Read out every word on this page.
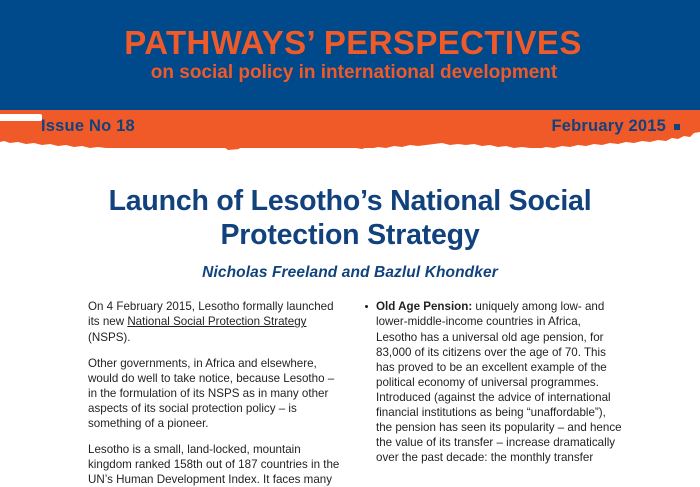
PATHWAYS’ PERSPECTIVES
on social policy in international development
Issue No 18	February 2015
Launch of Lesotho’s National Social Protection Strategy
Nicholas Freeland and Bazlul Khondker

On 4 February 2015, Lesotho formally launched its new National Social Protection Strategy (NSPS).

Other governments, in Africa and elsewhere, would do well to take notice, because Lesotho – in the formulation of its NSPS as in many other aspects of its social protection policy – is something of a pioneer.

Lesotho is a small, land-locked, mountain kingdom ranked 158th out of 187 countries in the UN’s Human Development Index. It faces many

Old Age Pension: uniquely among low- and lower-middle-income countries in Africa, Lesotho has a universal old age pension, for 83,000 of its citizens over the age of 70. This has proved to be an excellent example of the political economy of universal programmes. Introduced (against the advice of international financial institutions as being “unaffordable”), the pension has seen its popularity – and hence the value of its transfer – increase dramatically over the past decade: the monthly transfer
